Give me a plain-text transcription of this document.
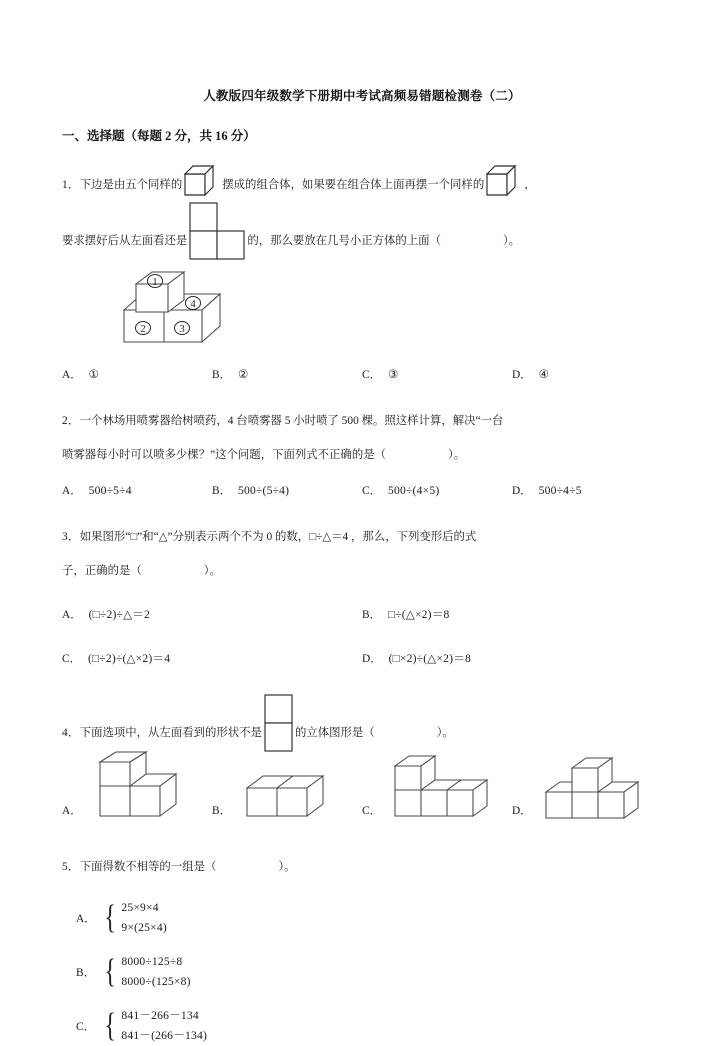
人教版四年级数学下册期中考试高频易错题检测卷（二）
一、选择题（每题 2 分，共 16 分）
1．下边是由五个同样的	摆成的组合体，如果要在组合体上面再摆一个同样的	，
要求摆好后从左面看还是	的，那么要放在几号小正方体的上面（	）。
1
4
2	3
A． ①	B． ②	C． ③	D． ④
2．一个林场用喷雾器给树喷药，4 台喷雾器 5 小时喷了 500 棵。照这样计算，解决“一台
喷雾器每小时可以喷多少棵？”这个问题，下面列式不正确的是（	）。
A． 500÷5÷4	B． 500÷(5÷4)	C． 500÷(4×5)	D． 500÷4÷5
3．如果图形“□”和“△”分别表示两个不为 0 的数，□÷△＝4 ，那么，下列变形后的式
子，正确的是（	）。
A． (□÷2)÷△＝2	B． □÷(△×2)＝8
C． (□÷2)÷(△×2)＝4	D． (□×2)÷(△×2)＝8
4．下面选项中，从左面看到的形状不是	的立体图形是（	）。
A．	B．	C．	D．
5．下面得数不相等的一组是（	）。
A． { 25×9×4
9×(25×4)
B． { 8000÷125÷8
8000÷(125×8)
C． { 841－266－134
841－(266－134)
